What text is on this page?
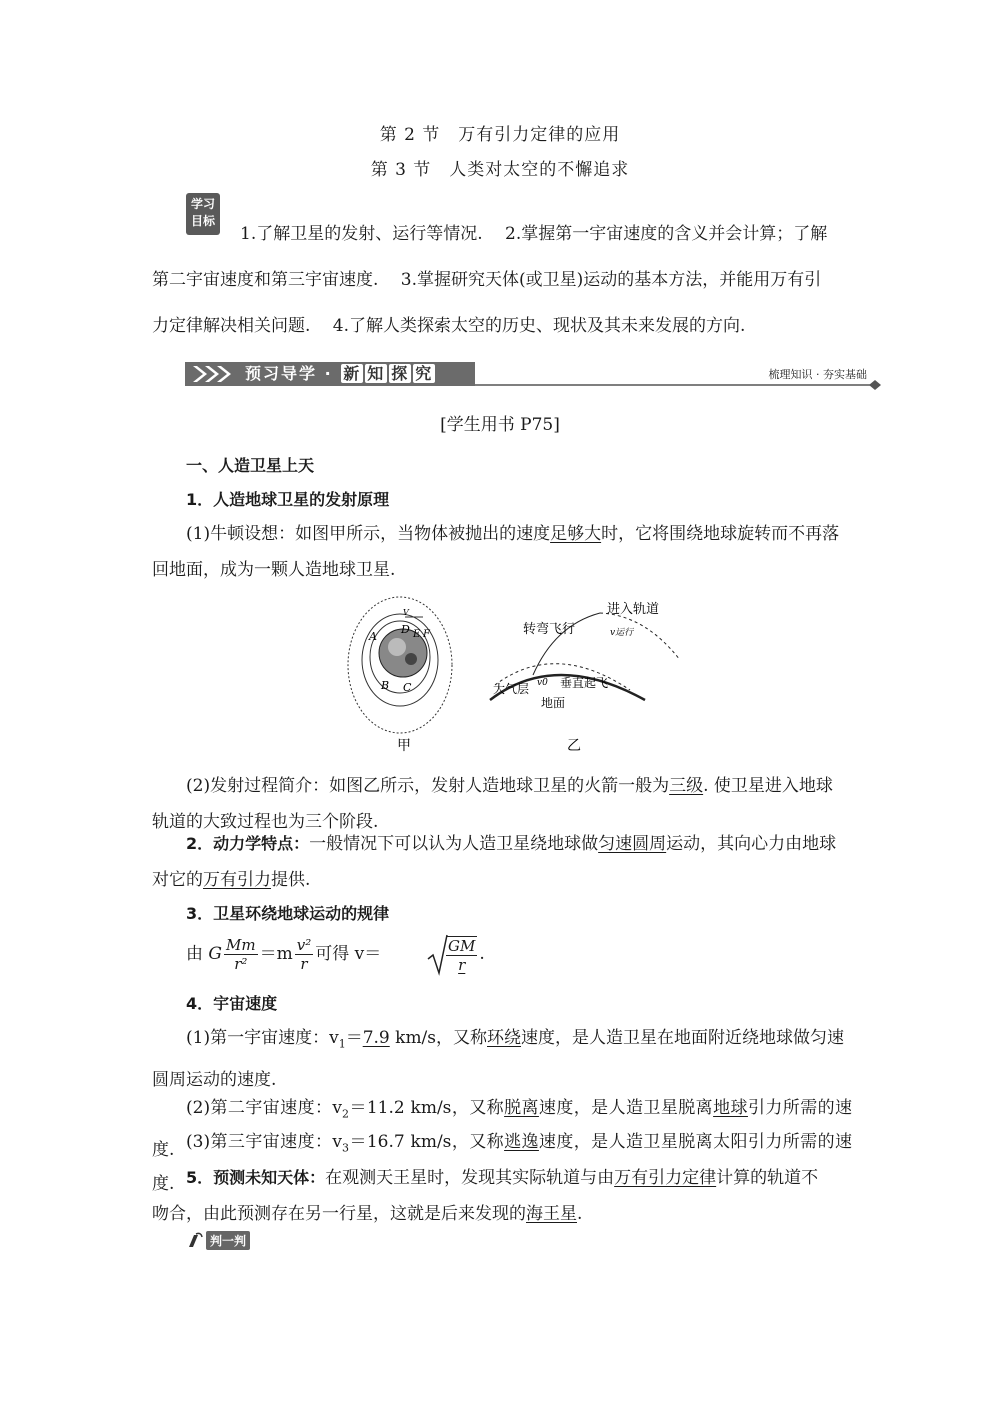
第 2 节　万有引力定律的应用
第 3 节　人类对太空的不懈追求
学习
目标
1.了解卫星的发射、运行等情况.　 2.掌握第一宇宙速度的含义并会计算；了解
第二宇宙速度和第三宇宙速度.　 3.掌握研究天体(或卫星)运动的基本方法，并能用万有引
力定律解决相关问题.　 4.了解人类探索太空的历史、现状及其未来发展的方向.
预习导学 · 新 知 探 究	梳理知识 · 夯实基础
[学生用书 P75]
一、人造卫星上天
1．人造地球卫星的发射原理
(1)牛顿设想：如图甲所示，当物体被抛出的速度足够大时，它将围绕地球旋转而不再落
回地面，成为一颗人造地球卫星.
A
B C
D E F
V	进入轨道
转弯飞行	v运行
大气层 v0 垂直起飞
地面
甲	乙
(2)发射过程简介：如图乙所示，发射人造地球卫星的火箭一般为三级. 使卫星进入地球
轨道的大致过程也为三个阶段.
2．动力学特点：一般情况下可以认为人造卫星绕地球做匀速圆周运动，其向心力由地球
对它的万有引力提供.
3．卫星环绕地球运动的规律
由 G $\frac{Mm}{\text{r²}} =m \frac{\text{v²}}{r}$ 可得 v＝	$\frac{GM}{r}$ .
4．宇宙速度
(1)第一宇宙速度：$v_1=7.9$ km/s，又称环绕速度，是人造卫星在地面附近绕地球做匀速
圆周运动的速度.
(2)第二宇宙速度：$v_2=11.2$ km/s，又称脱离速度，是人造卫星脱离地球引力所需的速度. (3)第三宇宙速度：$v_3=16.7$ km/s，又称逃逸速度，是人造卫星脱离太阳引力所需的速度. 5．预测未知天体：在观测天王星时，发现其实际轨道与由万有引力定律计算的轨道不
吻合，由此预测存在另一行星，这就是后来发现的海王星.
判一判
